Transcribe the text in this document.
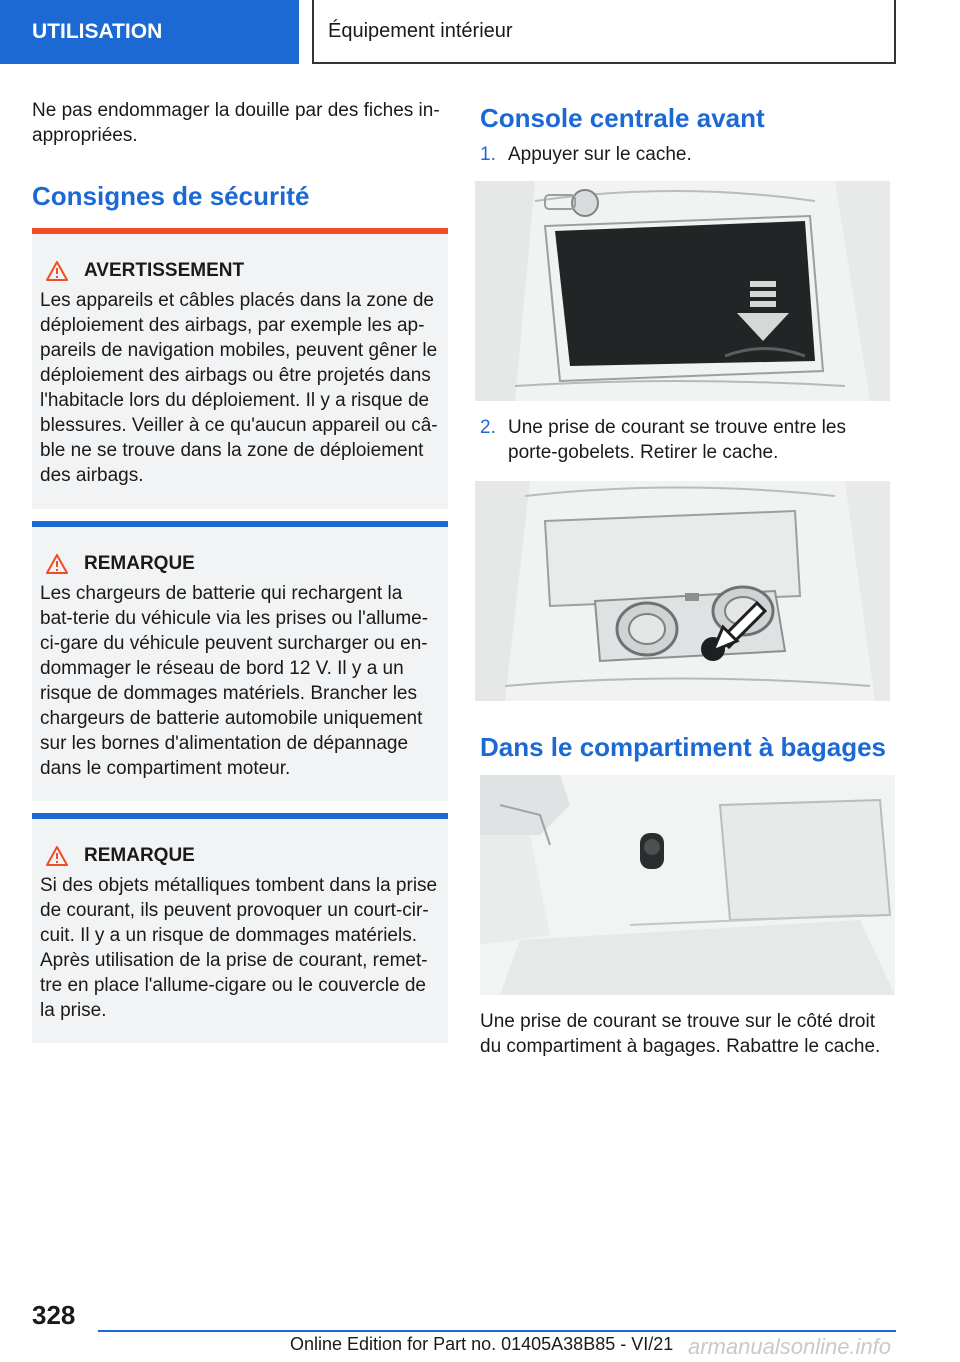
UTILISATION	Équipement intérieur

Ne pas endommager la douille par des fiches in-appropriées.

Consignes de sécurité
AVERTISSEMENT

Les appareils et câbles placés dans la zone de déploiement des airbags, par exemple les ap-pareils de navigation mobiles, peuvent gêner le déploiement des airbags ou être projetés dans l'habitacle lors du déploiement. Il y a risque de blessures. Veiller à ce qu'aucun appareil ou câ-ble ne se trouve dans la zone de déploiement des airbags.

REMARQUE

Les chargeurs de batterie qui rechargent la bat-terie du véhicule via les prises ou l'allume-ci-gare du véhicule peuvent surcharger ou en-dommager le réseau de bord 12 V. Il y a un risque de dommages matériels. Brancher les chargeurs de batterie automobile uniquement sur les bornes d'alimentation de dépannage dans le compartiment moteur.

REMARQUE

Si des objets métalliques tombent dans la prise de courant, ils peuvent provoquer un court-cir-cuit. Il y a un risque de dommages matériels. Après utilisation de la prise de courant, remet-tre en place l'allume-cigare ou le couvercle de la prise.

Console centrale avant
1. Appuyer sur le cache.
2. Une prise de courant se trouve entre les porte-gobelets. Retirer le cache.
Dans le compartiment à bagages

Une prise de courant se trouve sur le côté droit du compartiment à bagages. Rabattre le cache.

328
Online Edition for Part no. 01405A38B85 - VI/21 armanualsonline.info
